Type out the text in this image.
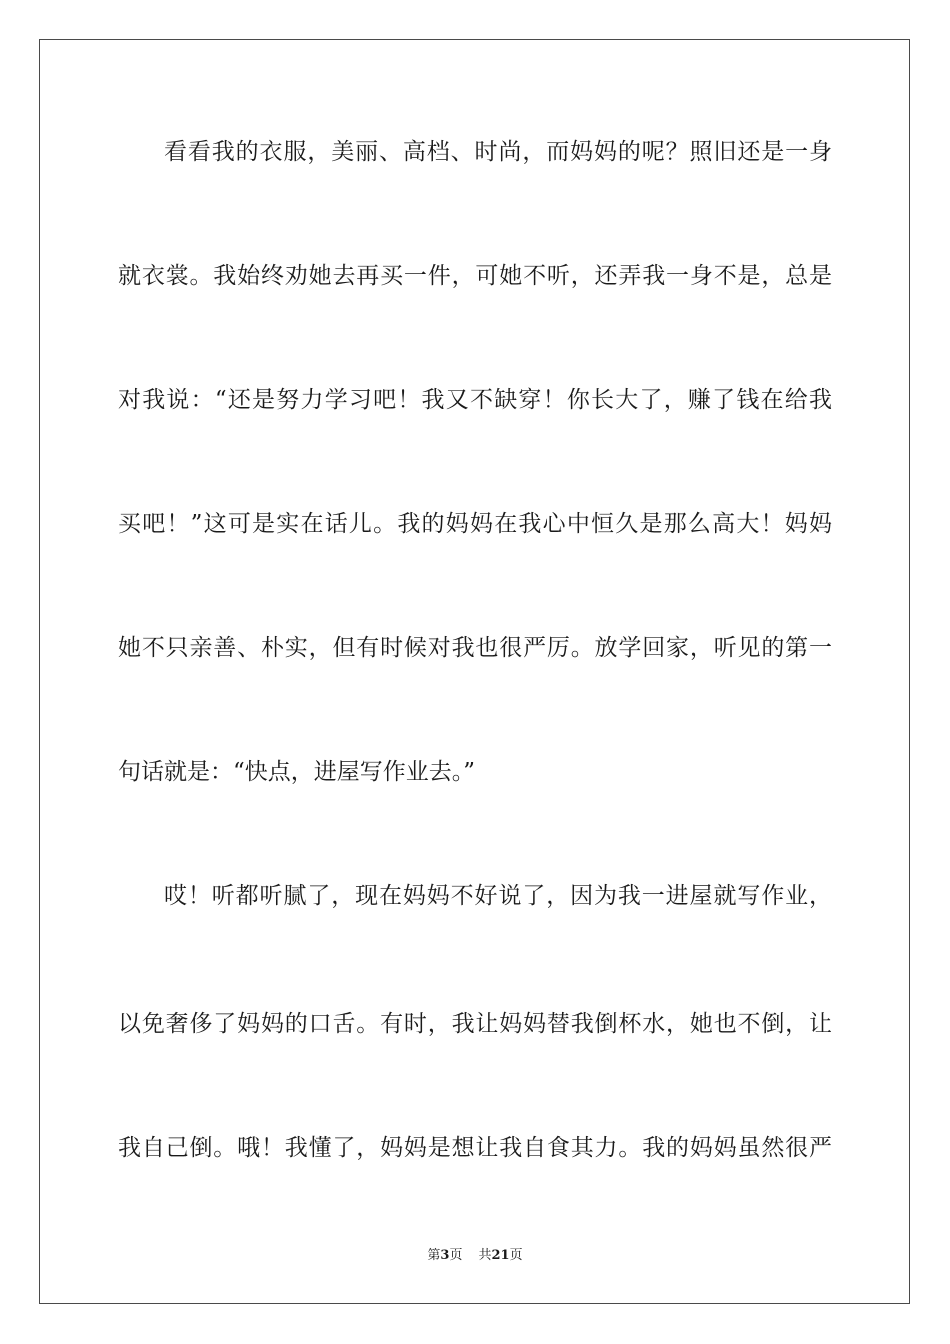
看看我的衣服，美丽、高档、时尚，而妈妈的呢？照旧还是一身
就衣裳。我始终劝她去再买一件，可她不听，还弄我一身不是，总是
对我说：“还是努力学习吧！我又不缺穿！你长大了，赚了钱在给我
买吧！”这可是实在话儿。我的妈妈在我心中恒久是那么高大！妈妈
她不只亲善、朴实，但有时候对我也很严厉。放学回家，听见的第一
句话就是：“快点，进屋写作业去。”
哎！听都听腻了，现在妈妈不好说了，因为我一进屋就写作业，
以免奢侈了妈妈的口舌。有时，我让妈妈替我倒杯水，她也不倒，让
我自己倒。哦！我懂了，妈妈是想让我自食其力。我的妈妈虽然很严
第3页 共21页
